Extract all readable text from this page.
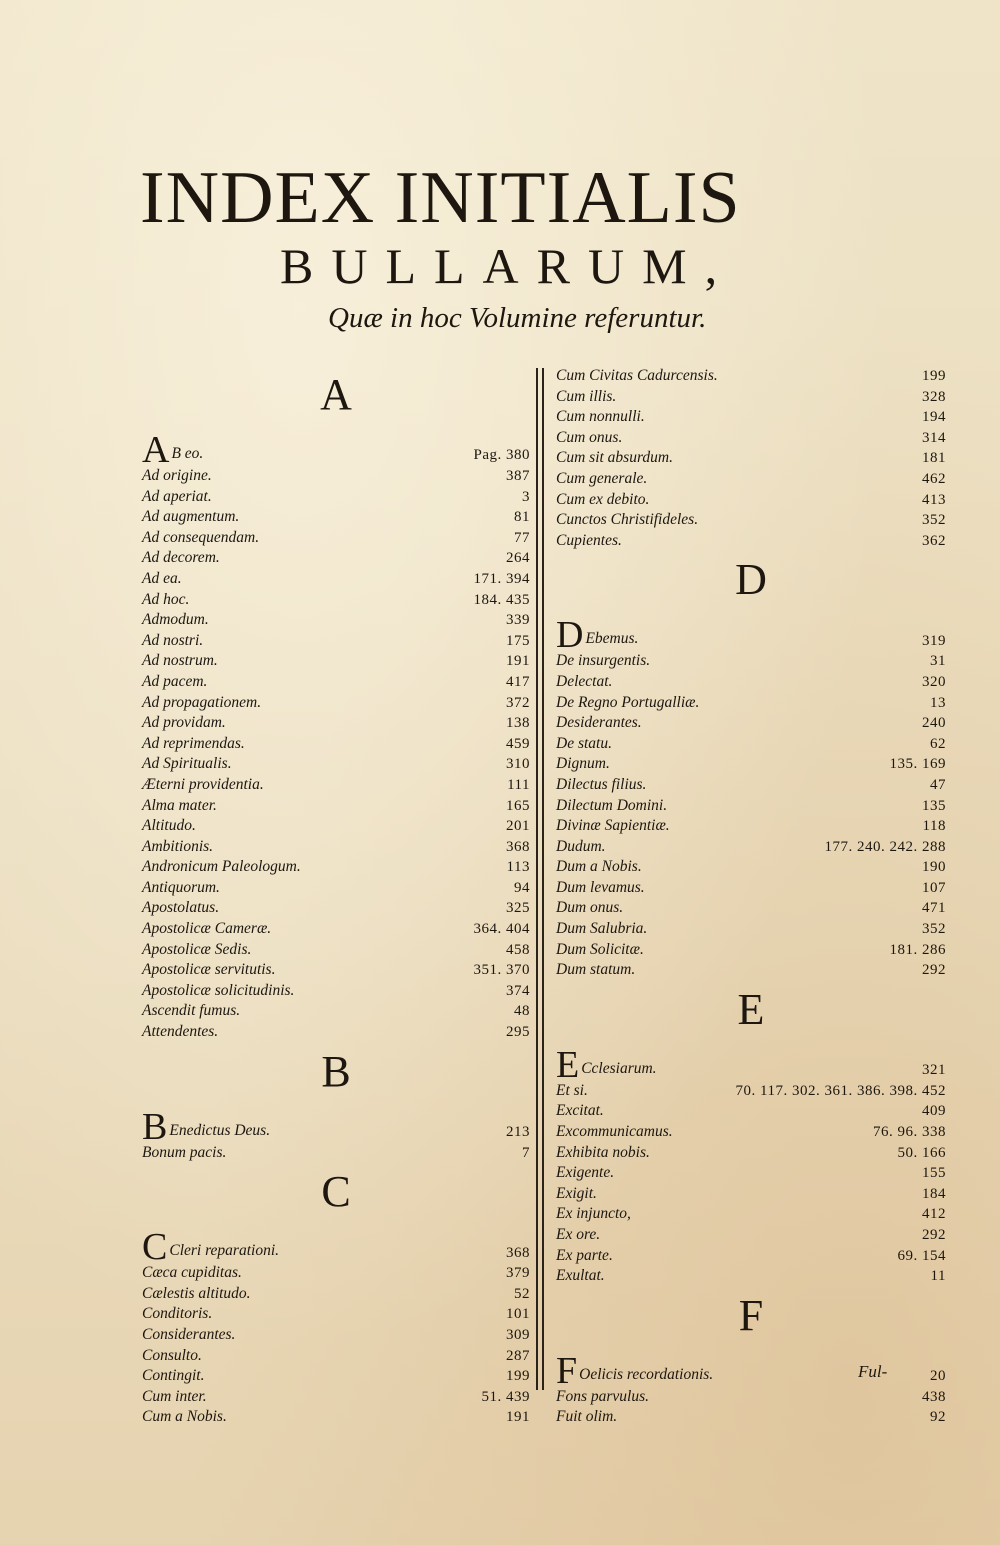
INDEX INITIALIS
BULLARUM,
Quæ in hoc Volumine referuntur.
A
A B eo.	Pag. 380
Ad origine.	387
Ad aperiat.	3
Ad augmentum.	81
Ad consequendam.	77
Ad decorem.	264
Ad ea.	171. 394
Ad hoc.	184. 435
Admodum.	339
Ad nostri.	175
Ad nostrum.	191
Ad pacem.	417
Ad propagationem.	372
Ad providam.	138
Ad reprimendas.	459
Ad Spiritualis.	310
Æterni providentia.	111
Alma mater.	165
Altitudo.	201
Ambitionis.	368
Andronicum Paleologum.	113
Antiquorum.	94
Apostolatus.	325
Apostolicæ Cameræ.	364. 404
Apostolicæ Sedis.	458
Apostolicæ servitutis.	351. 370
Apostolicæ solicitudinis.	374
Ascendit fumus.	48
Attendentes.	295
B
B Enedictus Deus.	213
Bonum pacis.	7
C
C Cleri reparationi.	368
Cæca cupiditas.	379
Cælestis altitudo.	52
Conditoris.	101
Considerantes.	309
Consulto.	287
Contingit.	199
Cum inter.	51. 439
Cum a Nobis.	191
Cum Civitas Cadurcensis.	199
Cum illis.	328
Cum nonnulli.	194
Cum onus.	314
Cum sit absurdum.	181
Cum generale.	462
Cum ex debito.	413
Cunctos Christifideles.	352
Cupientes.	362
D
D Ebemus.	319
De insurgentis.	31
Delectat.	320
De Regno Portugalliæ.	13
Desiderantes.	240
De statu.	62
Dignum.	135. 169
Dilectus filius.	47
Dilectum Domini.	135
Divinæ Sapientiæ.	118
Dudum.	177. 240. 242. 288
Dum a Nobis.	190
Dum levamus.	107
Dum onus.	471
Dum Salubria.	352
Dum Solicitæ.	181. 286
Dum statum.	292
E
E Cclesiarum.	321
Et si.	70. 117. 302. 361. 386. 398. 452
Excitat.	409
Excommunicamus.	76. 96. 338
Exhibita nobis.	50. 166
Exigente.	155
Exigit.	184
Ex injuncto,	412
Ex ore.	292
Ex parte.	69. 154
Exultat.	11
F
F Oelicis recordationis.	20
Fons parvulus.	438
Fuit olim.	92
Ful-
